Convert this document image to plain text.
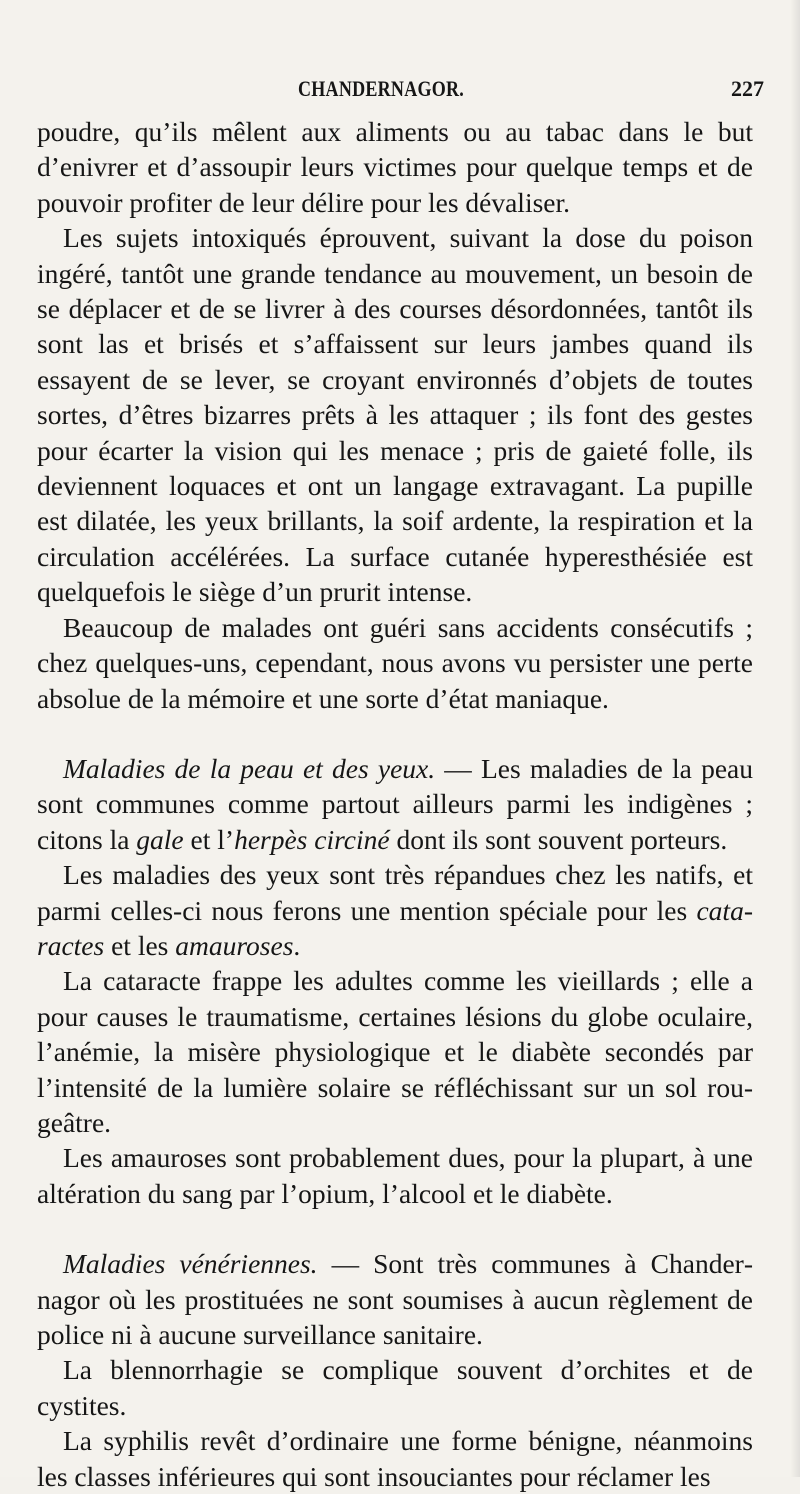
CHANDERNAGOR.	227

poudre, qu’ils mêlent aux aliments ou au tabac dans le but d’enivrer et d’assoupir leurs victimes pour quelque temps et de pouvoir profiter de leur délire pour les dévaliser.

Les sujets intoxiqués éprouvent, suivant la dose du poison ingéré, tantôt une grande tendance au mouvement, un besoin de se déplacer et de se livrer à des courses désordonnées, tantôt ils sont las et brisés et s’affaissent sur leurs jambes quand ils essayent de se lever, se croyant environnés d’objets de toutes sortes, d’êtres bizarres prêts à les attaquer ; ils font des gestes pour écarter la vision qui les menace ; pris de gaieté folle, ils deviennent loquaces et ont un langage extravagant. La pupille est dilatée, les yeux brillants, la soif ardente, la respiration et la circulation accélérées. La surface cutanée hyperesthésiée est quelquefois le siège d’un prurit intense.

Beaucoup de malades ont guéri sans accidents consécutifs ; chez quelques-uns, cependant, nous avons vu persister une perte absolue de la mémoire et une sorte d’état maniaque.

Maladies de la peau et des yeux. — Les maladies de la peau sont communes comme partout ailleurs parmi les indigènes ; citons la gale et l’herpès circiné dont ils sont souvent porteurs.

Les maladies des yeux sont très répandues chez les natifs, et parmi celles-ci nous ferons une mention spéciale pour les cataractes et les amauroses.

La cataracte frappe les adultes comme les vieillards ; elle a pour causes le traumatisme, certaines lésions du globe oculaire, l’anémie, la misère physiologique et le diabète secondés par l’intensité de la lumière solaire se réfléchissant sur un sol rougeâtre.

Les amauroses sont probablement dues, pour la plupart, à une altération du sang par l’opium, l’alcool et le diabète.

Maladies vénériennes. — Sont très communes à Chandernagor où les prostituées ne sont soumises à aucun règlement de police ni à aucune surveillance sanitaire.

La blennorrhagie se complique souvent d’orchites et de cystites.

La syphilis revêt d’ordinaire une forme bénigne, néanmoins les classes inférieures qui sont insouciantes pour réclamer les
